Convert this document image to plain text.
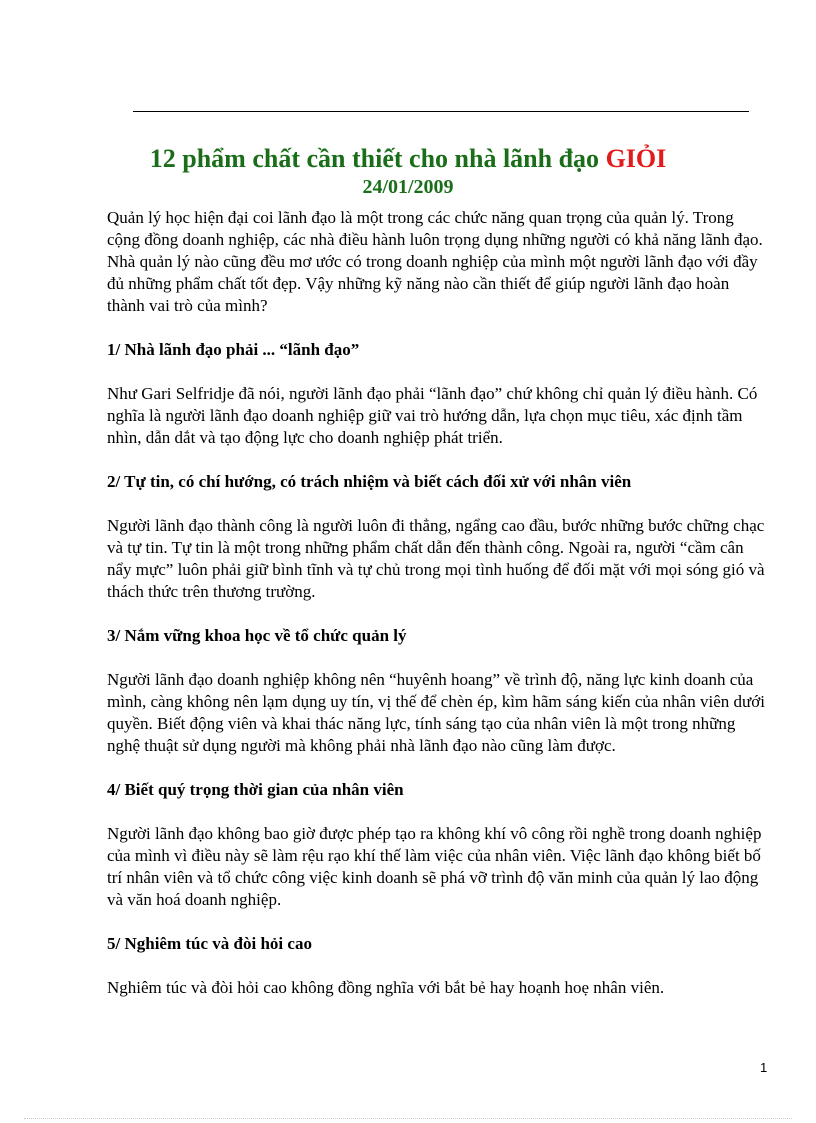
12 phẩm chất cần thiết cho nhà lãnh đạo GIỎI
24/01/2009

Quản lý học hiện đại coi lãnh đạo là một trong các chức năng quan trọng của quản lý. Trong cộng đồng doanh nghiệp, các nhà điều hành luôn trọng dụng những người có khả năng lãnh đạo. Nhà quản lý nào cũng đều mơ ước có trong doanh nghiệp của mình một người lãnh đạo với đầy đủ những phẩm chất tốt đẹp. Vậy những kỹ năng nào cần thiết để giúp người lãnh đạo hoàn thành vai trò của mình?

1/ Nhà lãnh đạo phải ... “lãnh đạo”

Như Gari Selfridje đã nói, người lãnh đạo phải “lãnh đạo” chứ không chỉ quản lý điều hành. Có nghĩa là người lãnh đạo doanh nghiệp giữ vai trò hướng dẫn, lựa chọn mục tiêu, xác định tầm nhìn, dẫn dắt và tạo động lực cho doanh nghiệp phát triển.

2/ Tự tin, có chí hướng, có trách nhiệm và biết cách đối xử với nhân viên

Người lãnh đạo thành công là người luôn đi thẳng, ngẩng cao đầu, bước những bước chững chạc và tự tin. Tự tin là một trong những phẩm chất dẫn đến thành công. Ngoài ra, người “cầm cân nẩy mực” luôn phải giữ bình tĩnh và tự chủ trong mọi tình huống để đối mặt với mọi sóng gió và thách thức trên thương trường.

3/ Nắm vững khoa học về tổ chức quản lý

Người lãnh đạo doanh nghiệp không nên “huyênh hoang” về trình độ, năng lực kinh doanh của mình, càng không nên lạm dụng uy tín, vị thế để chèn ép, kìm hãm sáng kiến của nhân viên dưới quyền. Biết động viên và khai thác năng lực, tính sáng tạo của nhân viên là một trong những nghệ thuật sử dụng người mà không phải nhà lãnh đạo nào cũng làm được.

4/ Biết quý trọng thời gian của nhân viên

Người lãnh đạo không bao giờ được phép tạo ra không khí vô công rồi nghề trong doanh nghiệp của mình vì điều này sẽ làm rệu rạo khí thế làm việc của nhân viên. Việc lãnh đạo không biết bố trí nhân viên và tổ chức công việc kinh doanh sẽ phá vỡ trình độ văn minh của quản lý lao động và văn hoá doanh nghiệp.

5/ Nghiêm túc và đòi hỏi cao

Nghiêm túc và đòi hỏi cao không đồng nghĩa với bắt bẻ hay hoạnh hoẹ nhân viên.

1
